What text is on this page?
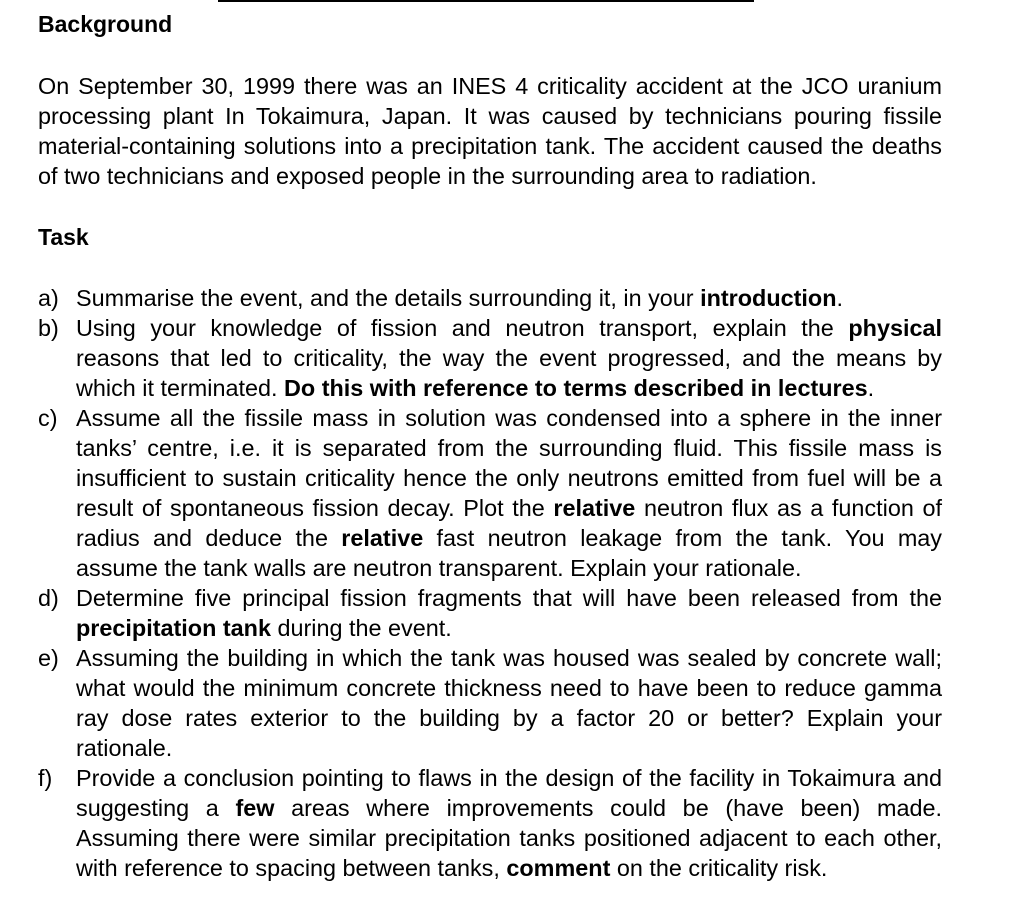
Background

On September 30, 1999 there was an INES 4 criticality accident at the JCO uranium processing plant In Tokaimura, Japan. It was caused by technicians pouring fissile material-containing solutions into a precipitation tank. The accident caused the deaths of two technicians and exposed people in the surrounding area to radiation.

Task
a) Summarise the event, and the details surrounding it, in your introduction.
b) Using your knowledge of fission and neutron transport, explain the physical reasons that led to criticality, the way the event progressed, and the means by which it terminated. Do this with reference to terms described in lectures.
c) Assume all the fissile mass in solution was condensed into a sphere in the inner tanks’ centre, i.e. it is separated from the surrounding fluid. This fissile mass is insufficient to sustain criticality hence the only neutrons emitted from fuel will be a result of spontaneous fission decay. Plot the relative neutron flux as a function of radius and deduce the relative fast neutron leakage from the tank. You may assume the tank walls are neutron transparent. Explain your rationale.
d) Determine five principal fission fragments that will have been released from the precipitation tank during the event.
e) Assuming the building in which the tank was housed was sealed by concrete wall; what would the minimum concrete thickness need to have been to reduce gamma ray dose rates exterior to the building by a factor 20 or better? Explain your rationale.
f)	Provide a conclusion pointing to flaws in the design of the facility in Tokaimura and suggesting a few areas where improvements could be (have been) made. Assuming there were similar precipitation tanks positioned adjacent to each other, with reference to spacing between tanks, comment on the criticality risk.
